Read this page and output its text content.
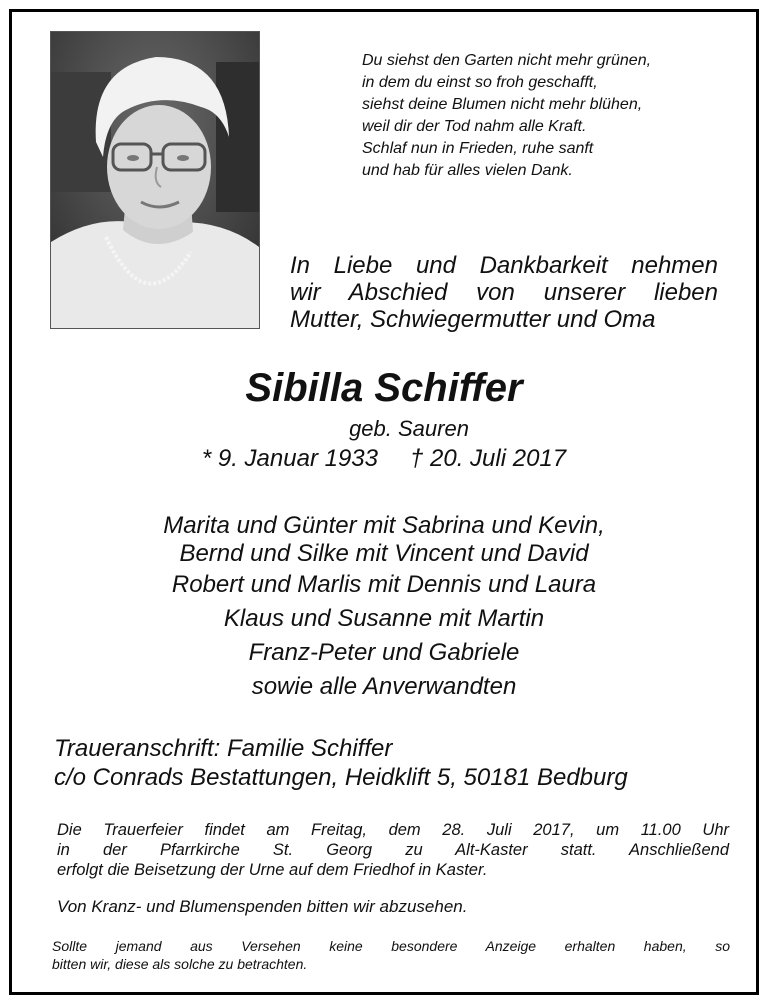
Du siehst den Garten nicht mehr grünen,
in dem du einst so froh geschafft,
siehst deine Blumen nicht mehr blühen,
weil dir der Tod nahm alle Kraft.
Schlaf nun in Frieden, ruhe sanft
und hab für alles vielen Dank.
In Liebe und Dankbarkeit nehmen
wir Abschied von unserer lieben
Mutter, Schwiegermutter und Oma
Sibilla Schiffer
geb. Sauren
* 9. Januar 1933 † 20. Juli 2017
Marita und Günter mit Sabrina und Kevin,
Bernd und Silke mit Vincent und David
Robert und Marlis mit Dennis und Laura
Klaus und Susanne mit Martin
Franz-Peter und Gabriele
sowie alle Anverwandten
Traueranschrift: Familie Schiffer
c/o Conrads Bestattungen, Heidklift 5, 50181 Bedburg
Die Trauerfeier findet am Freitag, dem 28. Juli 2017, um 11.00 Uhr
in der Pfarrkirche St. Georg zu Alt-Kaster statt. Anschließend
erfolgt die Beisetzung der Urne auf dem Friedhof in Kaster.
Von Kranz- und Blumenspenden bitten wir abzusehen.
Sollte jemand aus Versehen keine besondere Anzeige erhalten haben, so
bitten wir, diese als solche zu betrachten.
